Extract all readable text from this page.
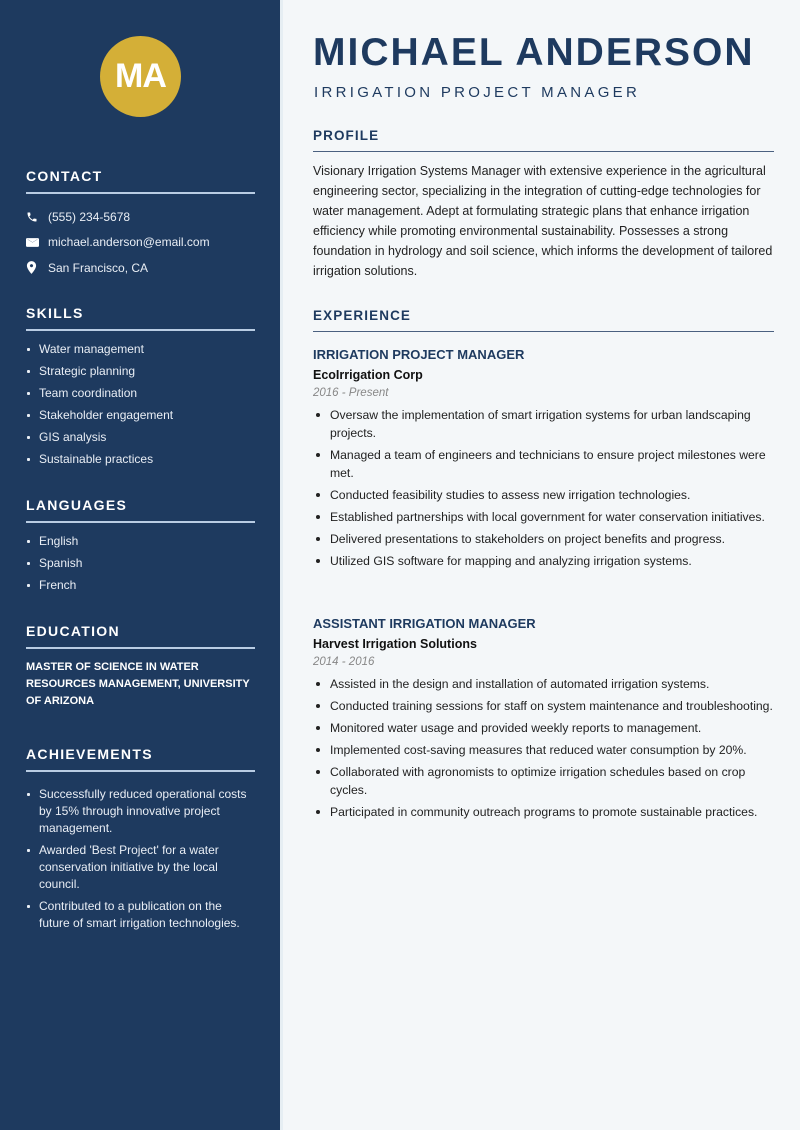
MA
CONTACT
(555) 234-5678
michael.anderson@email.com
San Francisco, CA
SKILLS
Water management
Strategic planning
Team coordination
Stakeholder engagement
GIS analysis
Sustainable practices
LANGUAGES
English
Spanish
French
EDUCATION

MASTER OF SCIENCE IN WATER RESOURCES MANAGEMENT, UNIVERSITY OF ARIZONA

ACHIEVEMENTS
Successfully reduced operational costs by 15% through innovative project management.
Awarded 'Best Project' for a water conservation initiative by the local council.
Contributed to a publication on the future of smart irrigation technologies.
MICHAEL ANDERSON
IRRIGATION PROJECT MANAGER
PROFILE

Visionary Irrigation Systems Manager with extensive experience in the agricultural engineering sector, specializing in the integration of cutting-edge technologies for water management. Adept at formulating strategic plans that enhance irrigation efficiency while promoting environmental sustainability. Possesses a strong foundation in hydrology and soil science, which informs the development of tailored irrigation solutions.

EXPERIENCE
IRRIGATION PROJECT MANAGER
EcoIrrigation Corp
2016 - Present
Oversaw the implementation of smart irrigation systems for urban landscaping projects.
Managed a team of engineers and technicians to ensure project milestones were met.
Conducted feasibility studies to assess new irrigation technologies.
Established partnerships with local government for water conservation initiatives.
Delivered presentations to stakeholders on project benefits and progress.
Utilized GIS software for mapping and analyzing irrigation systems.
ASSISTANT IRRIGATION MANAGER
Harvest Irrigation Solutions
2014 - 2016
Assisted in the design and installation of automated irrigation systems.
Conducted training sessions for staff on system maintenance and troubleshooting.
Monitored water usage and provided weekly reports to management.
Implemented cost-saving measures that reduced water consumption by 20%.
Collaborated with agronomists to optimize irrigation schedules based on crop cycles.
Participated in community outreach programs to promote sustainable practices.
